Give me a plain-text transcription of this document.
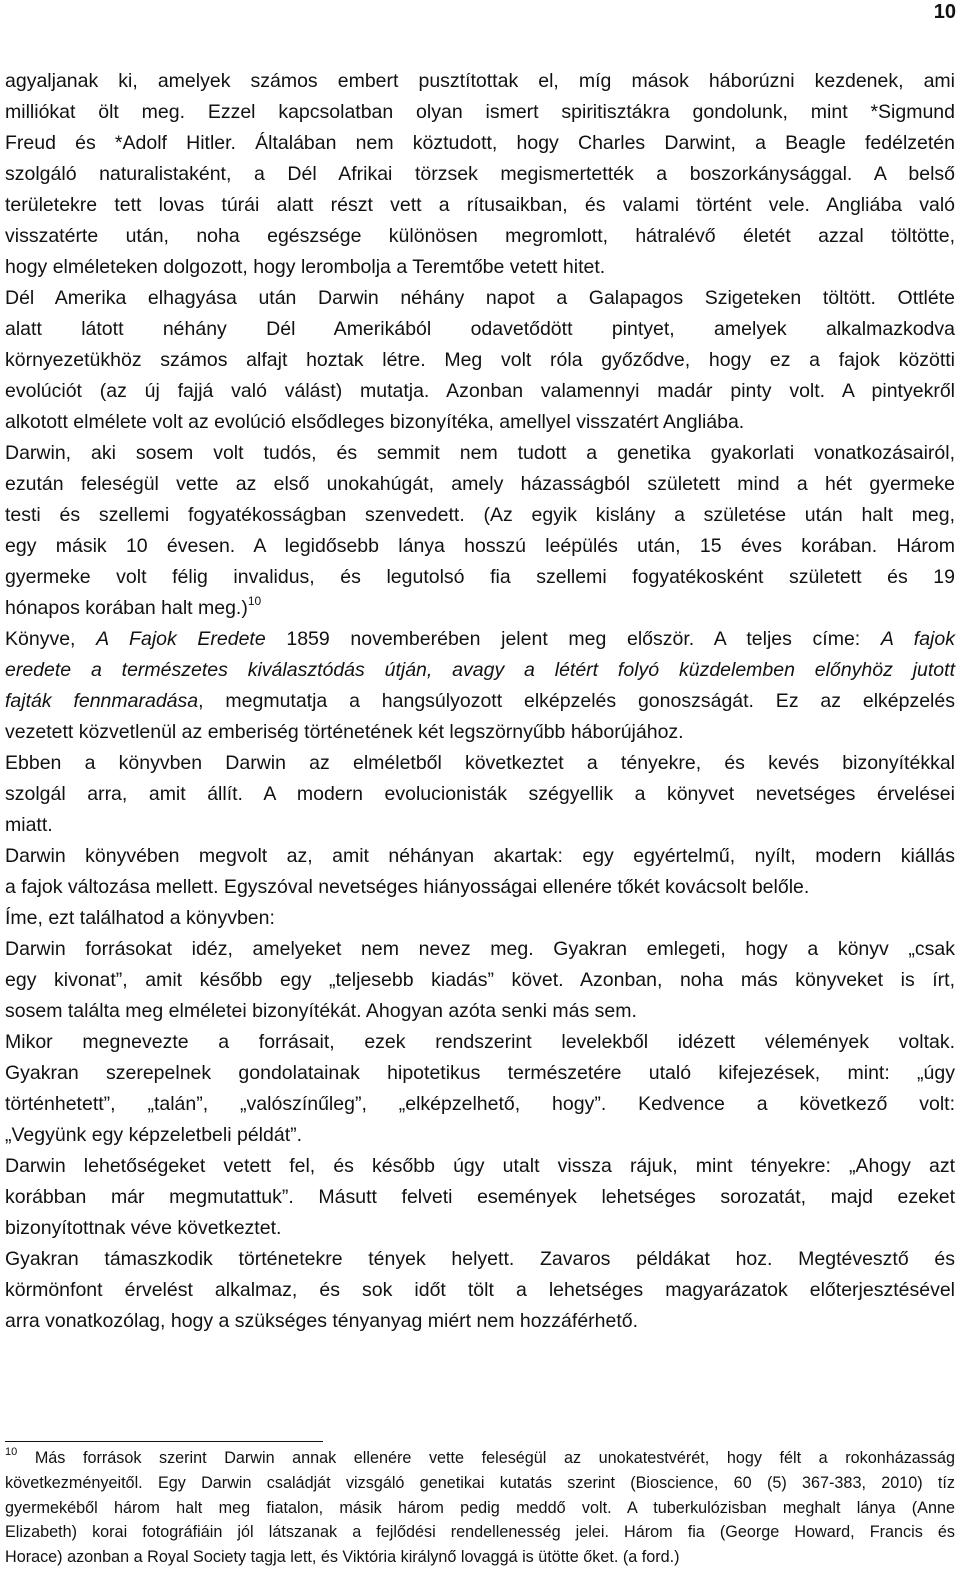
10
agyaljanak ki, amelyek számos embert pusztítottak el, míg mások háborúzni kezdenek, ami
milliókat ölt meg. Ezzel kapcsolatban olyan ismert spiritisztákra gondolunk, mint *Sigmund
Freud és *Adolf Hitler. Általában nem köztudott, hogy Charles Darwint, a Beagle fedélzetén
szolgáló naturalistaként, a Dél Afrikai törzsek megismertették a boszorkánysággal. A belső
területekre tett lovas túrái alatt részt vett a rítusaikban, és valami történt vele. Angliába való
visszatérte után, noha egészsége különösen megromlott, hátralévő életét azzal töltötte,
hogy elméleteken dolgozott, hogy lerombolja a Teremtőbe vetett hitet.
Dél Amerika elhagyása után Darwin néhány napot a Galapagos Szigeteken töltött. Ottléte
alatt látott néhány Dél Amerikából odavetődött pintyet, amelyek alkalmazkodva
környezetükhöz számos alfajt hoztak létre. Meg volt róla győződve, hogy ez a fajok közötti
evolúciót (az új fajjá való válást) mutatja. Azonban valamennyi madár pinty volt. A pintyekről
alkotott elmélete volt az evolúció elsődleges bizonyítéka, amellyel visszatért Angliába.
Darwin, aki sosem volt tudós, és semmit nem tudott a genetika gyakorlati vonatkozásairól,
ezután feleségül vette az első unokahúgát, amely házasságból született mind a hét gyermeke
testi és szellemi fogyatékosságban szenvedett. (Az egyik kislány a születése után halt meg,
egy másik 10 évesen. A legidősebb lánya hosszú leépülés után, 15 éves korában. Három
gyermeke volt félig invalidus, és legutolsó fia szellemi fogyatékosként született és 19
hónapos korában halt meg.)$^{10}$
Könyve, A Fajok Eredete 1859 novemberében jelent meg először. A teljes címe: A fajok
eredete a természetes kiválasztódás útján, avagy a létért folyó küzdelemben előnyhöz jutott
fajták fennmaradása, megmutatja a hangsúlyozott elképzelés gonoszságát. Ez az elképzelés
vezetett közvetlenül az emberiség történetének két legszörnyűbb háborújához.
Ebben a könyvben Darwin az elméletből következtet a tényekre, és kevés bizonyítékkal
szolgál arra, amit állít. A modern evolucionisták szégyellik a könyvet nevetséges érvelései
miatt.
Darwin könyvében megvolt az, amit néhányan akartak: egy egyértelmű, nyílt, modern kiállás
a fajok változása mellett. Egyszóval nevetséges hiányosságai ellenére tőkét kovácsolt belőle.
Íme, ezt találhatod a könyvben:
Darwin forrásokat idéz, amelyeket nem nevez meg. Gyakran emlegeti, hogy a könyv „csak
egy kivonat”, amit később egy „teljesebb kiadás” követ. Azonban, noha más könyveket is írt,
sosem találta meg elméletei bizonyítékát. Ahogyan azóta senki más sem.
Mikor megnevezte a forrásait, ezek rendszerint levelekből idézett vélemények voltak.
Gyakran szerepelnek gondolatainak hipotetikus természetére utaló kifejezések, mint: „úgy
történhetett”, „talán”, „valószínűleg”, „elképzelhető, hogy”. Kedvence a következő volt:
„Vegyünk egy képzeletbeli példát”.
Darwin lehetőségeket vetett fel, és később úgy utalt vissza rájuk, mint tényekre: „Ahogy azt
korábban már megmutattuk”. Másutt felveti események lehetséges sorozatát, majd ezeket
bizonyítottnak véve következtet.
Gyakran támaszkodik történetekre tények helyett. Zavaros példákat hoz. Megtévesztő és
körmönfont érvelést alkalmaz, és sok időt tölt a lehetséges magyarázatok előterjesztésével
arra vonatkozólag, hogy a szükséges tényanyag miért nem hozzáférhető.
$^{10}$ Más források szerint Darwin annak ellenére vette feleségül az unokatestvérét, hogy félt a rokonházasság
következményeitől. Egy Darwin családját vizsgáló genetikai kutatás szerint (Bioscience, 60 (5) 367-383, 2010) tíz
gyermekéből három halt meg fiatalon, másik három pedig meddő volt. A tuberkulózisban meghalt lánya (Anne
Elizabeth) korai fotográfiáin jól látszanak a fejlődési rendellenesség jelei. Három fia (George Howard, Francis és
Horace) azonban a Royal Society tagja lett, és Viktória királynő lovaggá is ütötte őket. (a ford.)
